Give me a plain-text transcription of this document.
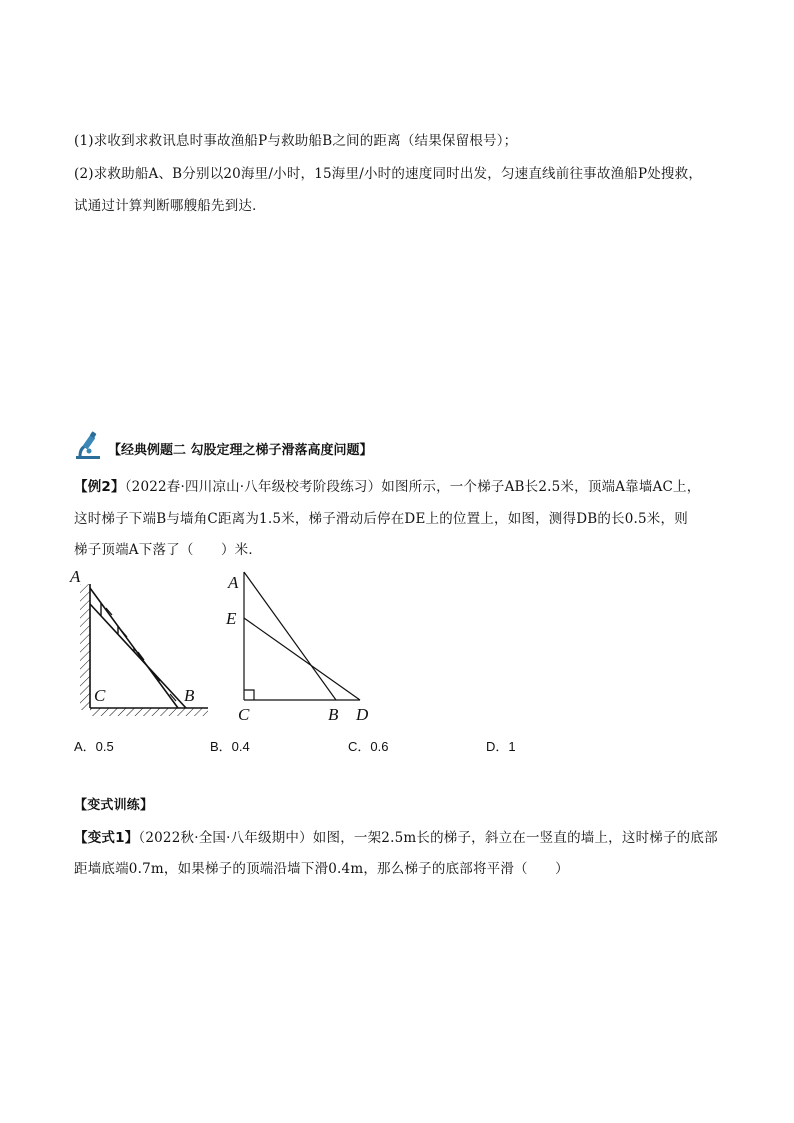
(1)求收到求救讯息时事故渔船P与救助船B之间的距离（结果保留根号）；
(2)求救助船A、B分别以20海里/小时，15海里/小时的速度同时出发，匀速直线前往事故渔船P处搜救，
试通过计算判断哪艘船先到达．
【经典例题二 勾股定理之梯子滑落高度问题】
【例2】（2022春·四川凉山·八年级校考阶段练习）如图所示，一个梯子AB长2.5米，顶端A靠墙AC上，
这时梯子下端B与墙角C距离为1.5米，梯子滑动后停在DE上的位置上，如图，测得DB的长0.5米，则
梯子顶端A下落了（　　）米．
A
C	B
A
E
C	B D
A．0.5	B．0.4	C．0.6	D．1
【变式训练】
【变式1】（2022秋·全国·八年级期中）如图，一架2.5m长的梯子，斜立在一竖直的墙上，这时梯子的底部
距墙底端0.7m，如果梯子的顶端沿墙下滑0.4m，那么梯子的底部将平滑（　　）
